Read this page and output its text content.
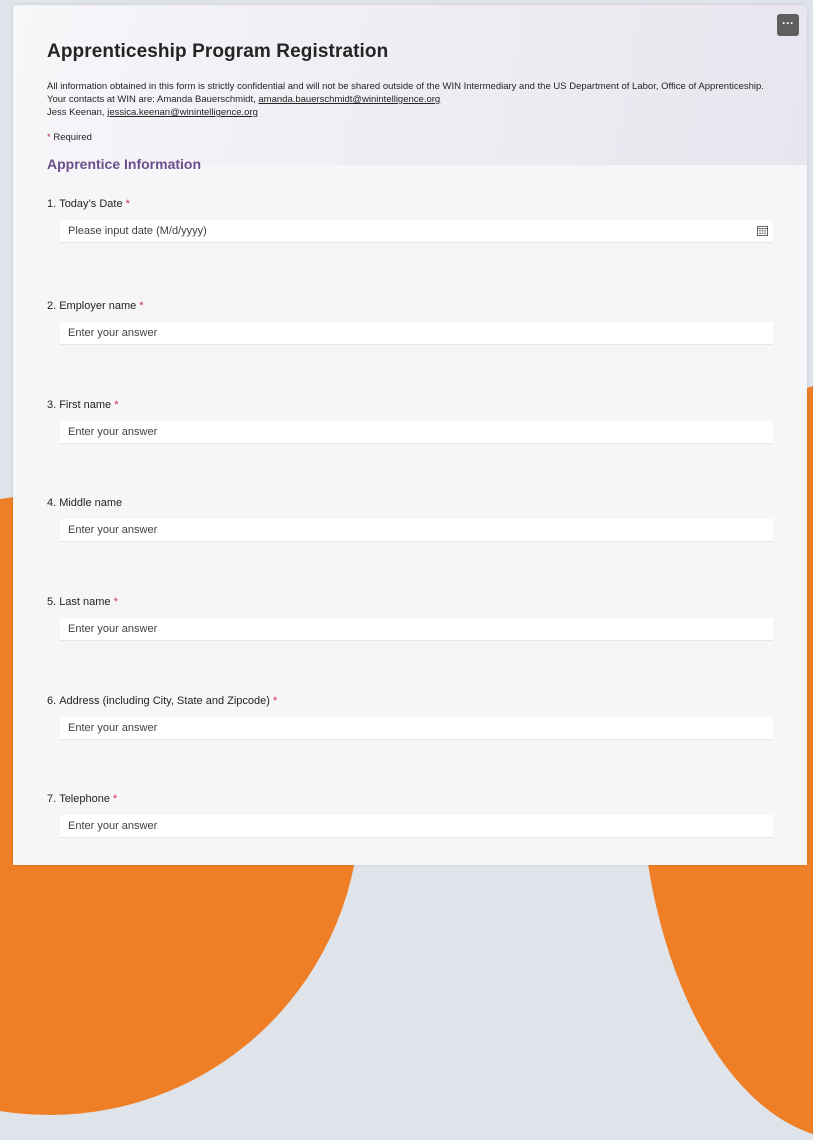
···
Apprenticeship Program Registration
All information obtained in this form is strictly confidential and will not be shared outside of the WIN Intermediary and the US Department of Labor, Office of Apprenticeship.
Your contacts at WIN are: Amanda Bauerschmidt, amanda.bauerschmidt@winintelligence.org
Jess Keenan, jessica.keenan@winintelligence.org
* Required
Apprentice Information
1. Today’s Date *
Please input date (M/d/yyyy)
2. Employer name *
Enter your answer
3. First name *
Enter your answer
4. Middle name
Enter your answer
5. Last name *
Enter your answer
6. Address (including City, State and Zipcode) *
Enter your answer
7. Telephone *
Enter your answer
